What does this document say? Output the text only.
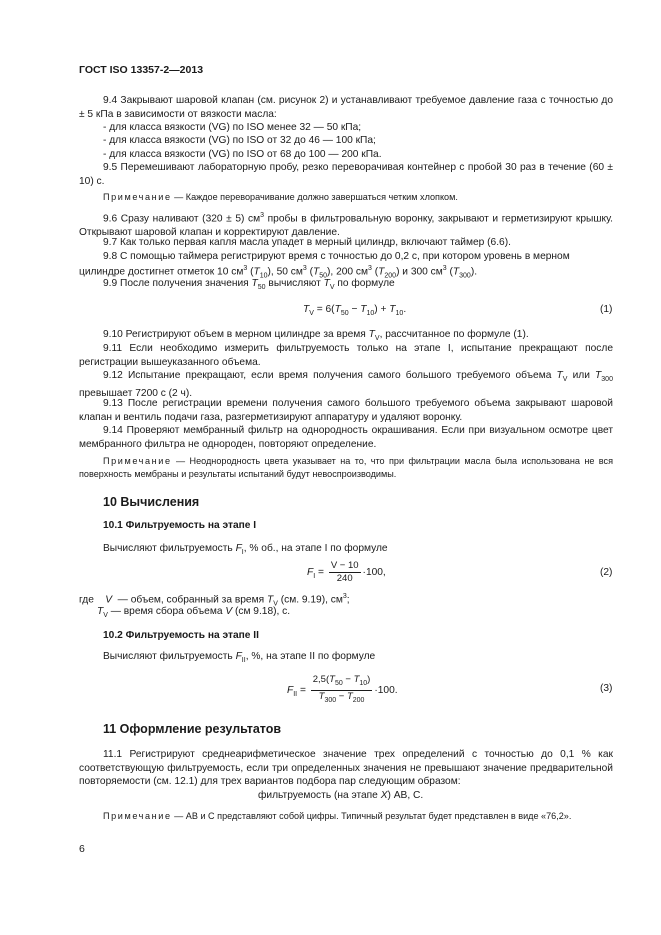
ГОСТ ISO 13357-2—2013

9.4 Закрывают шаровой клапан (см. рисунок 2) и устанавливают требуемое давление газа с точностью до ± 5 кПа в зависимости от вязкости масла:

- для класса вязкости (VG) по ISO менее 32 — 50 кПа;
- для класса вязкости (VG) по ISO от 32 до 46 — 100 кПа;
- для класса вязкости (VG) по ISO от 68 до 100 — 200 кПа.

9.5 Перемешивают лабораторную пробу, резко переворачивая контейнер с пробой 30 раз в течение (60 ± 10) с.

Примечание — Каждое переворачивание должно завершаться четким хлопком.

9.6 Сразу наливают (320 ± 5) $см^3$ пробы в фильтровальную воронку, закрывают и герметизируют крышку. Открывают шаровой клапан и корректируют давление.

9.7 Как только первая капля масла упадет в мерный цилиндр, включают таймер (6.6).
9.8 С помощью таймера регистрируют время с точностью до 0,2 с, при котором уровень в мерном
цилиндре достигнет отметок 10 $см^3$ $(T_{10})$, 50 $см^3$ $(T_{50})$, 200 $см^3$ $(T_{200})$ и 300 $см^3$ $(T_{300})$.
9.9 После получения значения $T_{50}$ вычисляют $T_V$ по формуле
$T_V = 6(T_{50} - T_{10}) + T_{10}$.	(1)
9.10 Регистрируют объем в мерном цилиндре за время $T_V$, рассчитанное по формуле (1).

9.11 Если необходимо измерить фильтруемость только на этапе I, испытание прекращают после регистрации вышеуказанного объема.

9.12 Испытание прекращают, если время получения самого большого требуемого объема $T_V$ или $T_{300}$ превышает 7200 с (2 ч).

9.13 После регистрации времени получения самого большого требуемого объема закрывают шаровой клапан и вентиль подачи газа, разгерметизируют аппаратуру и удаляют воронку.

9.14 Проверяют мембранный фильтр на однородность окрашивания. Если при визуальном осмотре цвет мембранного фильтра не однороден, повторяют определение.

Примечание — Неоднородность цвета указывает на то, что при фильтрации масла была использована не вся поверхность мембраны и результаты испытаний будут невоспроизводимы.
10 Вычисления
10.1 Фильтруемость на этапе I
Вычисляют фильтруемость $F_I$, % об., на этапе I по формуле
$F_I = \frac{V - 10}{240} \cdot 100$,	(2)
где V — объем, собранный за время $T_V$ (см. 9.19), $см^3$;
$T_V$ — время сбора объема V (см 9.18), с.
10.2 Фильтруемость на этапе II
Вычисляют фильтруемость $F_{II}$, %, на этапе II по формуле
$F_{II} = \frac{2,5(T_{50} - T_{10})}{T_{300} - T_{200}} \cdot 100$.	(3)
11 Оформление результатов

11.1 Регистрируют среднеарифметическое значение трех определений с точностью до 0,1 % как соответствующую фильтруемость, если три определенных значения не превышают значение предварительной повторяемости (см. 12.1) для трех вариантов подбора пар следующим образом:

фильтруемость (на этапе X) АВ, С.
Примечание — АВ и С представляют собой цифры. Типичный результат будет представлен в виде «76,2».
6
